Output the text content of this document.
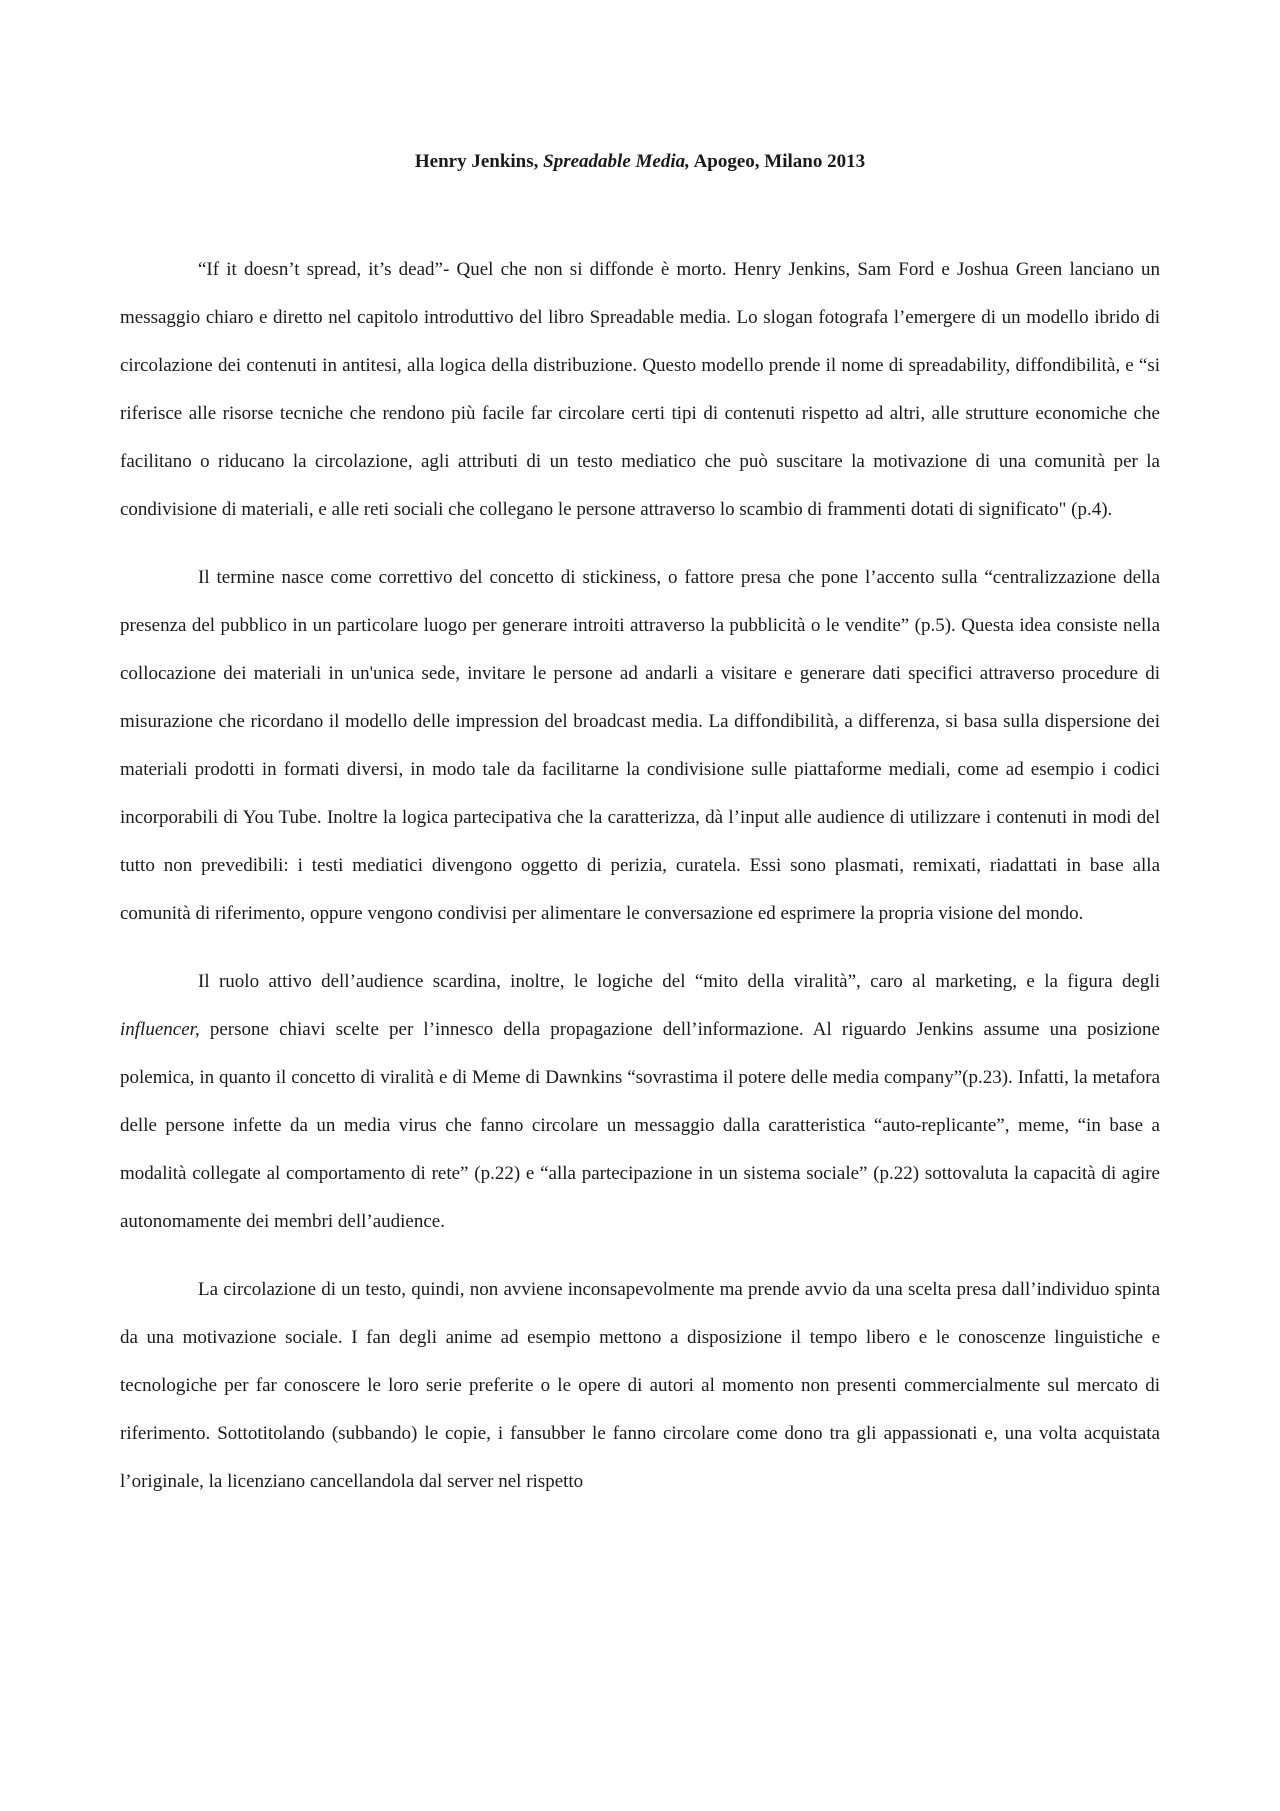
Henry Jenkins, Spreadable Media, Apogeo, Milano 2013

“If it doesn’t spread, it’s dead”- Quel che non si diffonde è morto. Henry Jenkins, Sam Ford e Joshua Green lanciano un messaggio chiaro e diretto nel capitolo introduttivo del libro Spreadable media. Lo slogan fotografa l’emergere di un modello ibrido di circolazione dei contenuti in antitesi, alla logica della distribuzione. Questo modello prende il nome di spreadability, diffondibilità, e “si riferisce alle risorse tecniche che rendono più facile far circolare certi tipi di contenuti rispetto ad altri, alle strutture economiche che facilitano o riducano la circolazione, agli attributi di un testo mediatico che può suscitare la motivazione di una comunità per la condivisione di materiali, e alle reti sociali che collegano le persone attraverso lo scambio di frammenti dotati di significato" (p.4).

Il termine nasce come correttivo del concetto di stickiness, o fattore presa che pone l’accento sulla “centralizzazione della presenza del pubblico in un particolare luogo per generare introiti attraverso la pubblicità o le vendite” (p.5). Questa idea consiste nella collocazione dei materiali in un'unica sede, invitare le persone ad andarli a visitare e generare dati specifici attraverso procedure di misurazione che ricordano il modello delle impression del broadcast media. La diffondibilità, a differenza, si basa sulla dispersione dei materiali prodotti in formati diversi, in modo tale da facilitarne la condivisione sulle piattaforme mediali, come ad esempio i codici incorporabili di You Tube. Inoltre la logica partecipativa che la caratterizza, dà l’input alle audience di utilizzare i contenuti in modi del tutto non prevedibili: i testi mediatici divengono oggetto di perizia, curatela. Essi sono plasmati, remixati, riadattati in base alla comunità di riferimento, oppure vengono condivisi per alimentare le conversazione ed esprimere la propria visione del mondo.

Il ruolo attivo dell’audience scardina, inoltre, le logiche del “mito della viralità”, caro al marketing, e la figura degli influencer, persone chiavi scelte per l’innesco della propagazione dell’informazione. Al riguardo Jenkins assume una posizione polemica, in quanto il concetto di viralità e di Meme di Dawnkins “sovrastima il potere delle media company”(p.23). Infatti, la metafora delle persone infette da un media virus che fanno circolare un messaggio dalla caratteristica “auto-replicante”, meme, “in base a modalità collegate al comportamento di rete” (p.22) e “alla partecipazione in un sistema sociale” (p.22) sottovaluta la capacità di agire autonomamente dei membri dell’audience.

La circolazione di un testo, quindi, non avviene inconsapevolmente ma prende avvio da una scelta presa dall’individuo spinta da una motivazione sociale. I fan degli anime ad esempio mettono a disposizione il tempo libero e le conoscenze linguistiche e tecnologiche per far conoscere le loro serie preferite o le opere di autori al momento non presenti commercialmente sul mercato di riferimento. Sottotitolando (subbando) le copie, i fansubber le fanno circolare come dono tra gli appassionati e, una volta acquistata l’originale, la licenziano cancellandola dal server nel rispetto
